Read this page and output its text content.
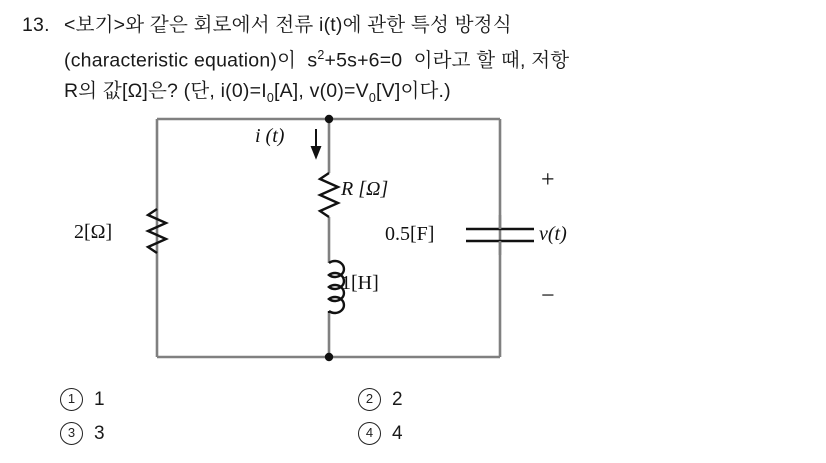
13. <보기>와 같은 회로에서 전류 i(t)에 관한 특성 방정식
(characteristic equation)이  $s^2+5s+6=0$  이라고 할 때, 저항
R의 값[Ω]은? (단, $i(0)=I_0[A]$, $v(0)=V_0[V]$이다.)
i (t)
R [Ω]
2[Ω]	0.5[F]
1[H]
v(t)
+
−
1 1	2 2
3 3	4 4
